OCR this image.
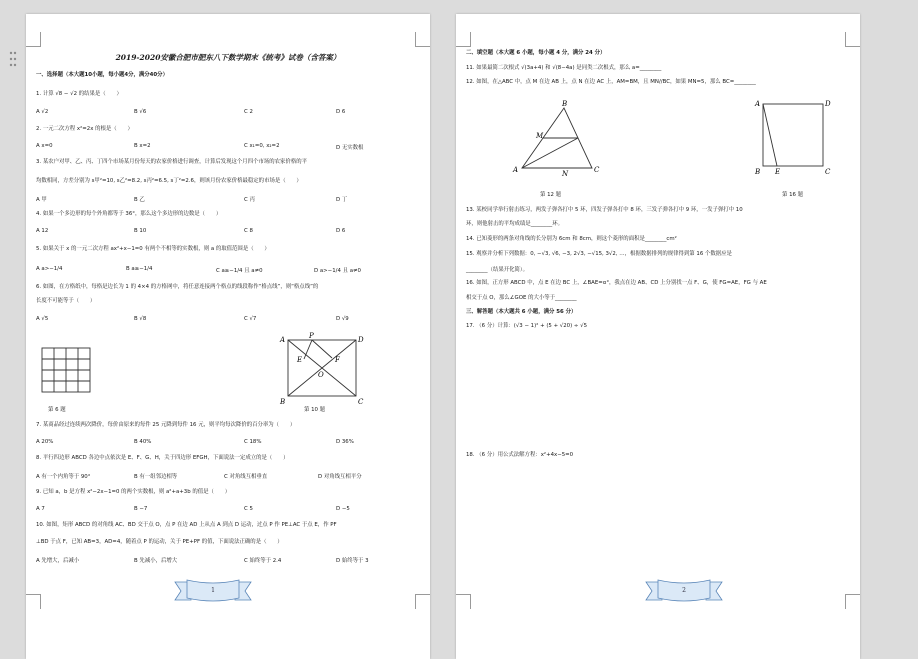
2019-2020安徽合肥市肥东八下数学期末《统考》试卷（含答案）
一、选择题（本大题10小题，每小题4分，满分40分）
1. 计算 √8 − √2 的结果是（　　）
A √2	B √6	C 2	D 6
2. 一元二次方程 x²=2x 的根是（　　）
A x=0	B x=2	C x₁=0, x₂=2	D 无实数根
3. 某农户对甲、乙、丙、丁四个市场某月份每天的农家价格进行调查，计算后发现这个月四个市场的农家价格的平
均数相同，方差分别为 s甲²=10, s乙²=8.2, s丙²=6.5, s丁²=2.6，则该月份农家价格最稳定的市场是（　　）
A 甲	B 乙	C 丙	D 丁
4. 如果一个多边形的每个外角都等于 36°，那么这个多边形的边数是（　　）
A 12	B 10	C 8	D 6
5. 如果关于 x 的一元二次方程 ax²+x−1=0 有两个不相等的实数根，则 a 的取值范围是（　　）
A a>−1/4	B a≥−1/4	C a≥−1/4 且 a≠0	D a>−1/4 且 a≠0
6. 如图，在方格纸中，每格是边长为 1 的 4×4 的方格网中，将任意连接两个格点的线段称作“格点线”，则“格点线”的
长度不可能等于（　　）
A √5	B √8	C √7	D √9
第 6 题
A	P	D
E	F
O
B	C
第 10 题
7. 某商品经过连续两次降价，每价由原来的每件 25 元降到每件 16 元，则平均每次降价的百分率为（　　）
A 20%	B 40%	C 18%	D 36%
8. 平行四边形 ABCD 各边中点依次是 E、F、G、H，关于四边形 EFGH，下面说法一定成立的是（　　）
A 有一个内角等于 90°	B 有一组邻边相等	C 对角线互相垂直	D 对角线互相平分
9. 已知 a，b 是方程 x²−2x−1=0 的两个实数根，则 a²+a+3b 的值是（　　）
A 7	B −7	C 5	D −5
10. 如图，矩形 ABCD 的对角线 AC、BD 交于点 O，点 P 在边 AD 上从点 A 到点 D 运动，过点 P 作 PE⊥AC 于点 E，作 PF
⊥BD 于点 F，已知 AB=3，AD=4，随着点 P 的运动，关于 PE+PF 的值，下面说法正确的是（　　）
A 先增大，后减小	B 先减小，后增大	C 始终等于 2.4	D 始终等于 3
1
二、填空题（本大题 6 小题，每小题 4 分，满分 24 分）
11. 如果最简二次根式 √(3a+4) 和 √(8−4a) 是同类二次根式，那么 a=________
12. 如图，在△ABC 中，点 M 在边 AB 上，点 N 在边 AC 上，AM=BM，且 MN//BC，如果 MN=5，那么 BC=________
B
M
A	N	C
第 12 题
A	D
B E	C
第 16 题
13. 某校同学举行射击练习，两发子弹各打中 5 环，四发子弹各打中 8 环，三发子弹各打中 9 环，一发子弹打中 10
环，则他射击的平均成绩是________环。
14. 已知菱形的两条对角线的长分别为 6cm 和 8cm，则这个菱形的面积是________cm²
15. 观察并分析下列数据：0, −√3, √6, −3, 2√3, −√15, 3√2, …，根据数据排列的规律得到第 16 个数据应是
________（结果开化简）。
16. 如图，正方形 ABCD 中，点 E 在边 BC 上，∠BAE=α°，我点在边 AB、CD 上分别找一点 F、G，使 FG=AE，FG 与 AE
相交于点 O，那么∠GOE 的大小等于________
三、解答题（本大题共 6 小题，满分 56 分）
17. （6 分）计算：(√3 − 1)² + (5 + √20) ÷ √5
18. （6 分）用公式法解方程：x²+4x−5=0
2
